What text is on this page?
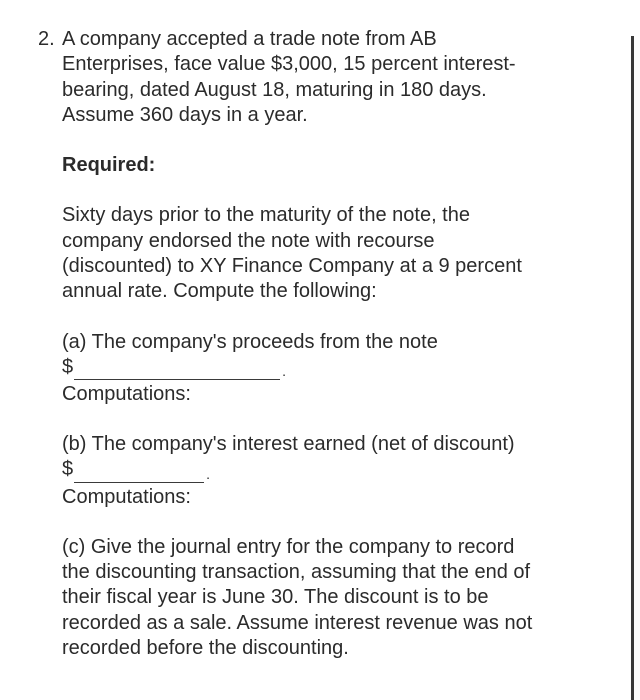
2. A company accepted a trade note from AB
Enterprises, face value $3,000, 15 percent interest-
bearing, dated August 18, maturing in 180 days.
Assume 360 days in a year.
Required:
Sixty days prior to the maturity of the note, the
company endorsed the note with recourse
(discounted) to XY Finance Company at a 9 percent
annual rate. Compute the following:
(a) The company's proceeds from the note
$	.
Computations:
(b) The company's interest earned (net of discount)
$	.
Computations:
(c) Give the journal entry for the company to record
the discounting transaction, assuming that the end of
their fiscal year is June 30. The discount is to be
recorded as a sale. Assume interest revenue was not
recorded before the discounting.
